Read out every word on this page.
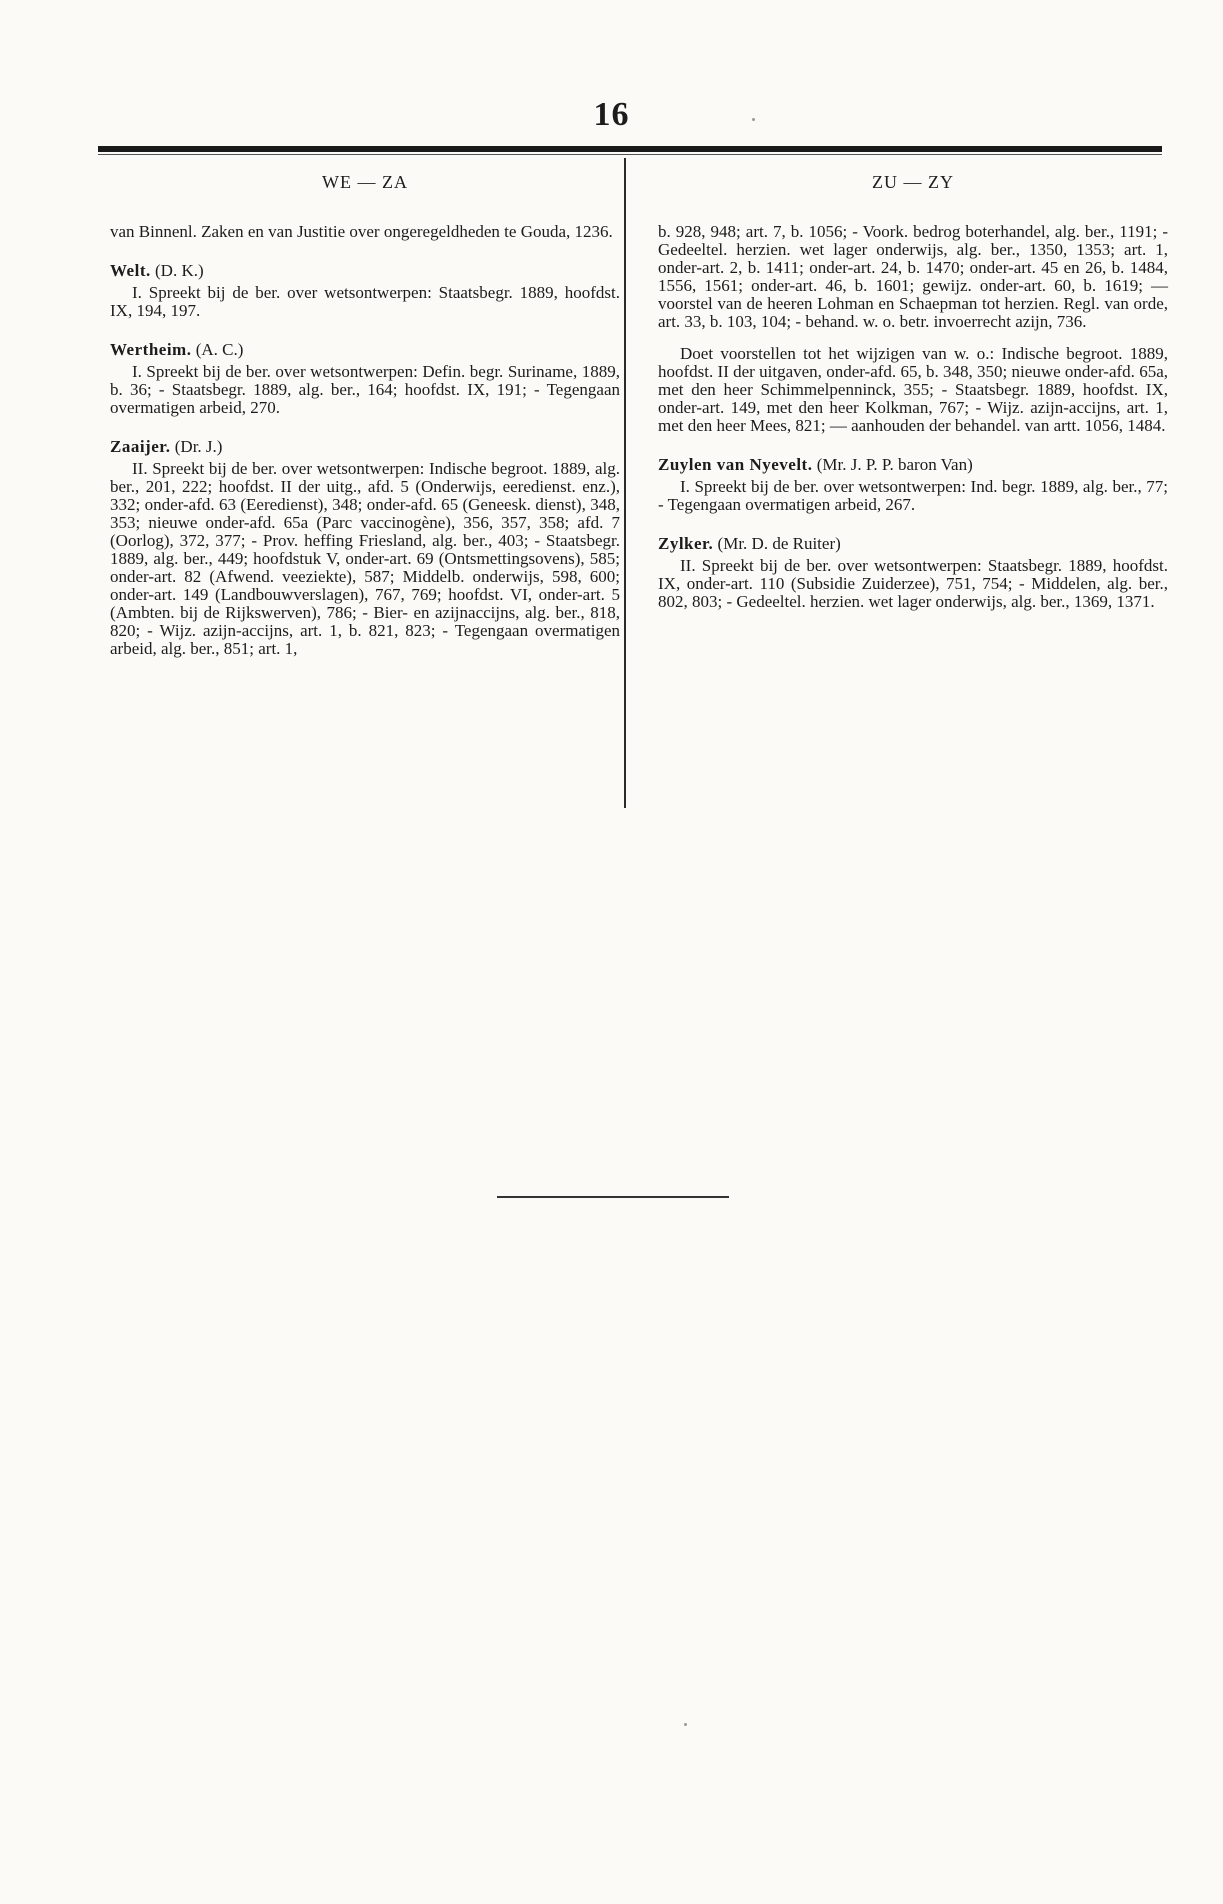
16
WE — ZA

van Binnenl. Zaken en van Justitie over ongeregeldheden te Gouda, 1236.

Welt. (D. K.)

I. Spreekt bij de ber. over wetsontwerpen: Staatsbegr. 1889, hoofdst. IX, 194, 197.

Wertheim. (A. C.)

I. Spreekt bij de ber. over wetsontwerpen: Defin. begr. Suriname, 1889, b. 36; - Staatsbegr. 1889, alg. ber., 164; hoofdst. IX, 191; - Tegengaan overmatigen arbeid, 270.

Zaaijer. (Dr. J.)

II. Spreekt bij de ber. over wetsontwerpen: Indische begroot. 1889, alg. ber., 201, 222; hoofdst. II der uitg., afd. 5 (Onderwijs, eeredienst. enz.), 332; onder-afd. 63 (Eeredienst), 348; onder-afd. 65 (Geneesk. dienst), 348, 353; nieuwe onder-afd. 65a (Parc vaccinogène), 356, 357, 358; afd. 7 (Oorlog), 372, 377; - Prov. heffing Friesland, alg. ber., 403; - Staatsbegr. 1889, alg. ber., 449; hoofdstuk V, onder-art. 69 (Ontsmettingsovens), 585; onder-art. 82 (Afwend. veeziekte), 587; Middelb. onderwijs, 598, 600; onder-art. 149 (Landbouwverslagen), 767, 769; hoofdst. VI, onder-art. 5 (Ambten. bij de Rijkswerven), 786; - Bier- en azijnaccijns, alg. ber., 818, 820; - Wijz. azijn-accijns, art. 1, b. 821, 823; - Tegengaan overmatigen arbeid, alg. ber., 851; art. 1,

ZU — ZY

b. 928, 948; art. 7, b. 1056; - Voork. bedrog boterhandel, alg. ber., 1191; - Gedeeltel. herzien. wet lager onderwijs, alg. ber., 1350, 1353; art. 1, onder-art. 2, b. 1411; onder-art. 24, b. 1470; onder-art. 45 en 26, b. 1484, 1556, 1561; onder-art. 46, b. 1601; gewijz. onder-art. 60, b. 1619; — voorstel van de heeren Lohman en Schaepman tot herzien. Regl. van orde, art. 33, b. 103, 104; - behand. w. o. betr. invoerrecht azijn, 736.

Doet voorstellen tot het wijzigen van w. o.: Indische begroot. 1889, hoofdst. II der uitgaven, onder-afd. 65, b. 348, 350; nieuwe onder-afd. 65a, met den heer Schimmelpenninck, 355; - Staatsbegr. 1889, hoofdst. IX, onder-art. 149, met den heer Kolkman, 767; - Wijz. azijn-accijns, art. 1, met den heer Mees, 821; — aanhouden der behandel. van artt. 1056, 1484.

Zuylen van Nyevelt. (Mr. J. P. P. baron Van)

I. Spreekt bij de ber. over wetsontwerpen: Ind. begr. 1889, alg. ber., 77; - Tegengaan overmatigen arbeid, 267.

Zylker. (Mr. D. de Ruiter)

II. Spreekt bij de ber. over wetsontwerpen: Staatsbegr. 1889, hoofdst. IX, onder-art. 110 (Subsidie Zuiderzee), 751, 754; - Middelen, alg. ber., 802, 803; - Gedeeltel. herzien. wet lager onderwijs, alg. ber., 1369, 1371.
